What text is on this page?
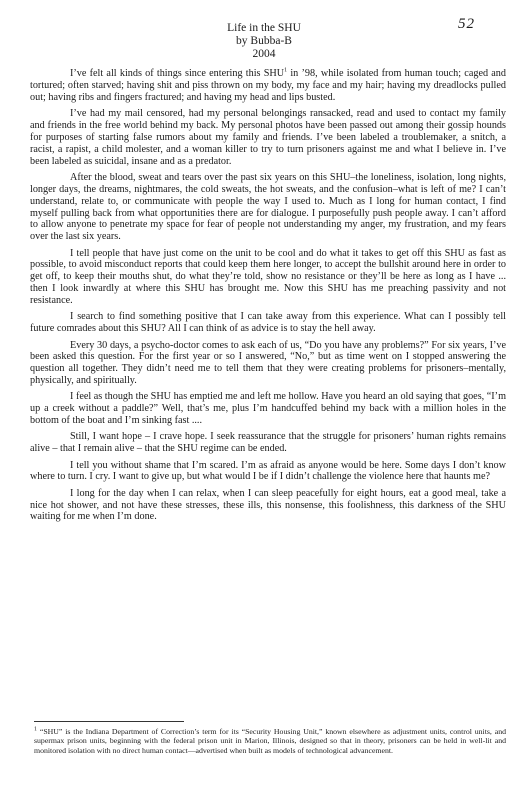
52
Life in the SHU
by Bubba-B
2004

I’ve felt all kinds of things since entering this SHU$^1$ in ’98, while isolated from human touch; caged and tortured; often starved; having shit and piss thrown on my body, my face and my hair; having my dreadlocks pulled out; having ribs and fingers fractured; and having my head and lips busted.

I’ve had my mail censored, had my personal belongings ransacked, read and used to contact my family and friends in the free world behind my back. My personal photos have been passed out among their gossip hounds for purposes of starting false rumors about my family and friends. I’ve been labeled a troublemaker, a snitch, a racist, a rapist, a child molester, and a woman killer to try to turn prisoners against me and what I believe in. I’ve been labeled as suicidal, insane and as a predator.

After the blood, sweat and tears over the past six years on this SHU–the loneliness, isolation, long nights, longer days, the dreams, nightmares, the cold sweats, the hot sweats, and the confusion–what is left of me? I can’t understand, relate to, or communicate with people the way I used to. Much as I long for human contact, I find myself pulling back from what opportunities there are for dialogue. I purposefully push people away. I can’t afford to allow anyone to penetrate my space for fear of people not understanding my anger, my frustration, and my fears over the last six years.

I tell people that have just come on the unit to be cool and do what it takes to get off this SHU as fast as possible, to avoid misconduct reports that could keep them here longer, to accept the bullshit around here in order to get off, to keep their mouths shut, do what they’re told, show no resistance or they’ll be here as long as I have ... then I look inwardly at where this SHU has brought me. Now this SHU has me preaching passivity and not resistance.

I search to find something positive that I can take away from this experience. What can I possibly tell future comrades about this SHU? All I can think of as advice is to stay the hell away.

Every 30 days, a psycho-doctor comes to ask each of us, “Do you have any problems?” For six years, I’ve been asked this question. For the first year or so I answered, “No,” but as time went on I stopped answering the question all together. They didn’t need me to tell them that they were creating problems for prisoners–mentally, physically, and spiritually.

I feel as though the SHU has emptied me and left me hollow. Have you heard an old saying that goes, “I’m up a creek without a paddle?” Well, that’s me, plus I’m handcuffed behind my back with a million holes in the bottom of the boat and I’m sinking fast ....

Still, I want hope – I crave hope. I seek reassurance that the struggle for prisoners’ human rights remains alive – that I remain alive – that the SHU regime can be ended.

I tell you without shame that I’m scared. I’m as afraid as anyone would be here. Some days I don’t know where to turn. I cry. I want to give up, but what would I be if I didn’t challenge the violence here that haunts me?

I long for the day when I can relax, when I can sleep peacefully for eight hours, eat a good meal, take a nice hot shower, and not have these stresses, these ills, this nonsense, this foolishness, this darkness of the SHU waiting for me when I’m done.

$^1$ “SHU” is the Indiana Department of Correction’s term for its “Security Housing Unit,” known elsewhere as adjustment units, control units, and supermax prison units, beginning with the federal prison unit in Marion, Illinois, designed so that in theory, prisoners can be held in well-lit and monitored isolation with no direct human contact—advertised when built as models of technological advancement.
